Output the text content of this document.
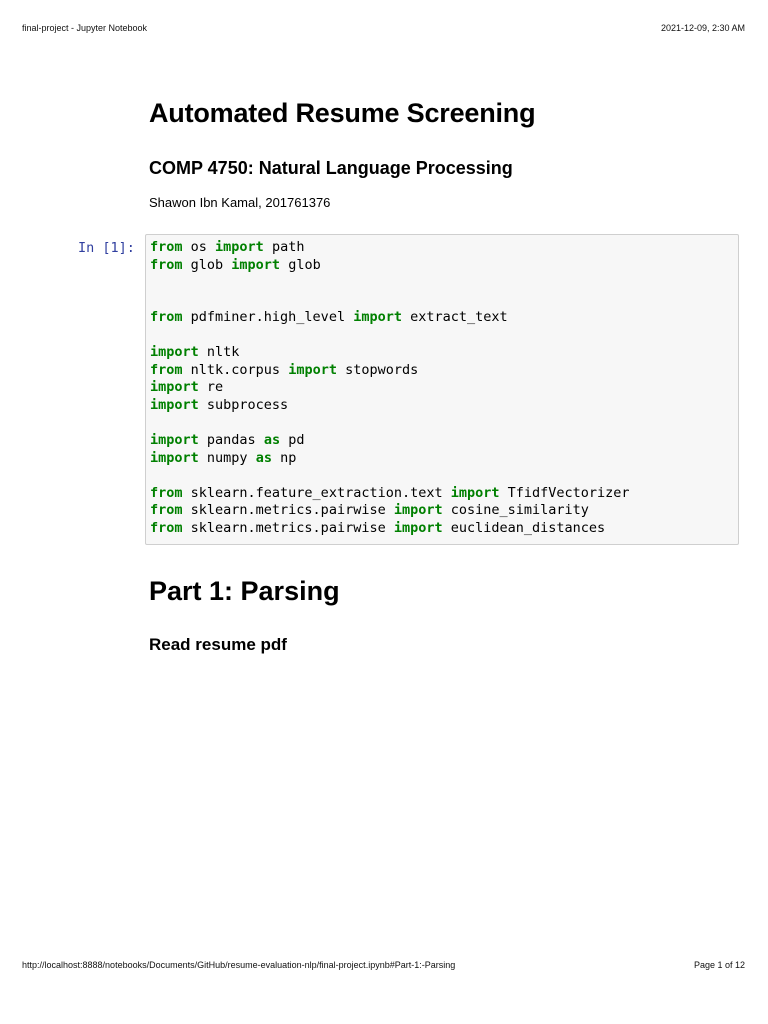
final-project - Jupyter Notebook	2021-12-09, 2:30 AM
Automated Resume Screening
COMP 4750: Natural Language Processing
Shawon Ibn Kamal, 201761376
In [1]: from os import path
from glob import glob
from pdfminer.high_level import extract_text
import nltk
from nltk.corpus import stopwords
import re
import subprocess
import pandas as pd
import numpy as np
from sklearn.feature_extraction.text import TfidfVectorizer
from sklearn.metrics.pairwise import cosine_similarity
from sklearn.metrics.pairwise import euclidean_distances
Part 1: Parsing
Read resume pdf
http://localhost:8888/notebooks/Documents/GitHub/resume-evaluation-nlp/final-project.ipynb#Part-1:-Parsing	Page 1 of 12
